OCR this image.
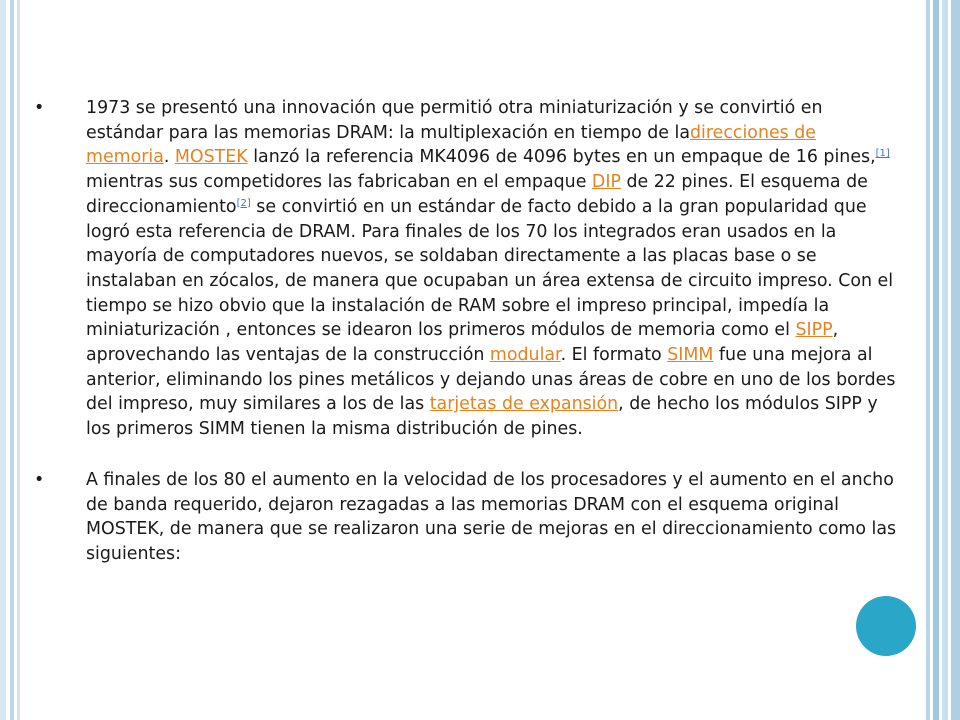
•	1973 se presentó una innovación que permitió otra miniaturización y se convirtió en estándar para las memorias DRAM: la multiplexación en tiempo de ladirecciones de memoria. MOSTEK lanzó la referencia MK4096 de 4096 bytes en un empaque de 16 pines,[1] mientras sus competidores las fabricaban en el empaque DIP de 22 pines. El esquema de direccionamiento[2] se convirtió en un estándar de facto debido a la gran popularidad que logró esta referencia de DRAM. Para finales de los 70 los integrados eran usados en la mayoría de computadores nuevos, se soldaban directamente a las placas base o se instalaban en zócalos, de manera que ocupaban un área extensa de circuito impreso. Con el tiempo se hizo obvio que la instalación de RAM sobre el impreso principal, impedía la miniaturización , entonces se idearon los primeros módulos de memoria como el SIPP, aprovechando las ventajas de la construcción modular. El formato SIMM fue una mejora al anterior, eliminando los pines metálicos y dejando unas áreas de cobre en uno de los bordes del impreso, muy similares a los de las tarjetas de expansión, de hecho los módulos SIPP y los primeros SIMM tienen la misma distribución de pines.
•	A finales de los 80 el aumento en la velocidad de los procesadores y el aumento en el ancho de banda requerido, dejaron rezagadas a las memorias DRAM con el esquema original MOSTEK, de manera que se realizaron una serie de mejoras en el direccionamiento como las siguientes:
